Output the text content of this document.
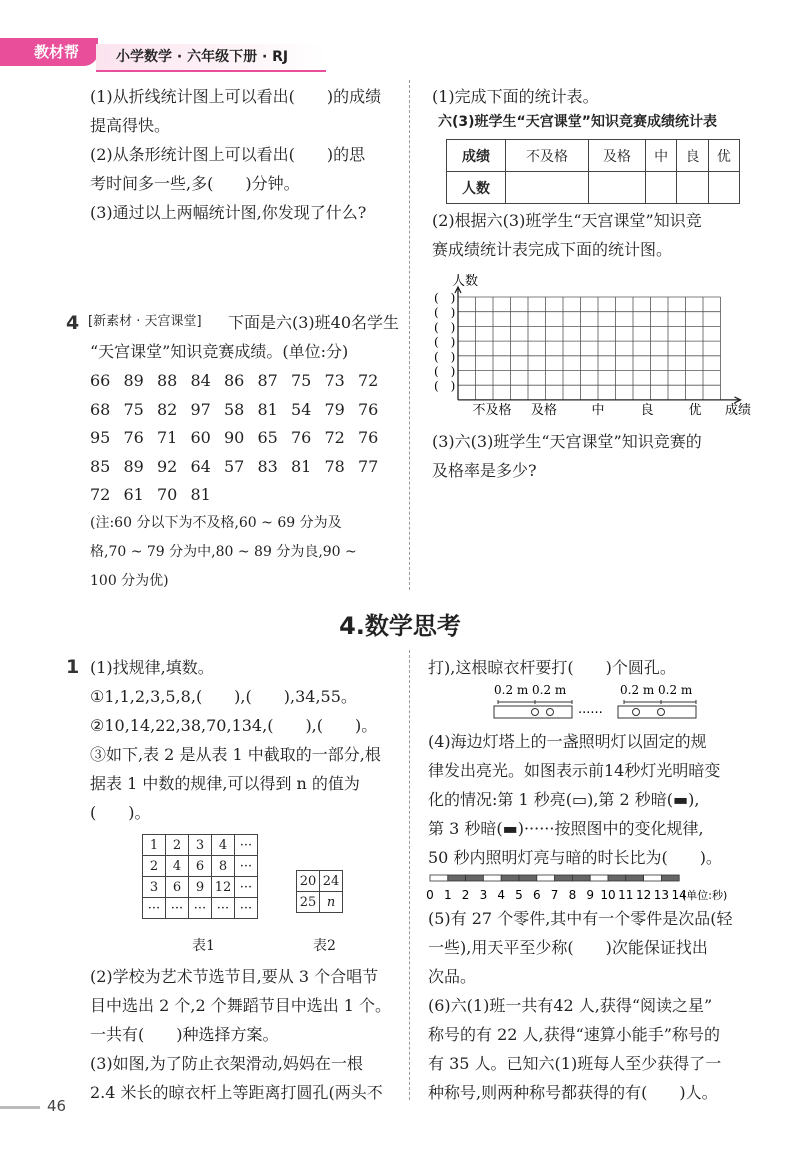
教材帮	小学数学 · 六年级下册 · RJ
(1)从折线统计图上可以看出(　　)的成绩
提高得快。
(2)从条形统计图上可以看出(　　)的思
考时间多一些,多(　　)分钟。
(3)通过以上两幅统计图,你发现了什么?
4 [新素材 · 天宫课堂] 下面是六(3)班40名学生
“天宫课堂”知识竞赛成绩。(单位:分)
66 89 88 84 86 87 75 73 72
68 75 82 97 58 81 54 79 76
95 76 71 60 90 65 76 72 76
85 89 92 64 57 83 81 78 77
72 61 70 81
(注:60 分以下为不及格,60 ~ 69 分为及
格,70 ~ 79 分为中,80 ~ 89 分为良,90 ~
100 分为优)
(1)完成下面的统计表。
六(3)班学生“天宫课堂”知识竞赛成绩统计表
成绩	不及格	及格	中	良	优
人数					
(2)根据六(3)班学生“天宫课堂”知识竞
赛成绩统计表完成下面的统计图。
人数
成绩
不及格 及格	中	良	优
(　)
(　)
(　)
(　)
(　)
(　)
(　)
(3)六(3)班学生“天宫课堂”知识竞赛的
及格率是多少?
4.数学思考
1 (1)找规律,填数。
①1,1,2,3,5,8,(　　),(　　),34,55。
②10,14,22,38,70,134,(　　),(　　)。
③如下,表 2 是从表 1 中截取的一部分,根
据表 1 中数的规律,可以得到 n 的值为
(　　)。
1	2	3	4	···
2	4	6	8	···
3	6	9	12	···
···	···	···	···	···
20	24
25	n
表1	表2
(2)学校为艺术节选节目,要从 3 个合唱节
目中选出 2 个,2 个舞蹈节目中选出 1 个。
一共有(　　)种选择方案。
(3)如图,为了防止衣架滑动,妈妈在一根
2.4 米长的晾衣杆上等距离打圆孔(两头不
打),这根晾衣杆要打(　　)个圆孔。
0.2 m 0.2 m	0.2 m 0.2 m
······
(4)海边灯塔上的一盏照明灯以固定的规
律发出亮光。如图表示前14秒灯光明暗变
化的情况:第 1 秒亮(▭),第 2 秒暗(▬),
第 3 秒暗(▬)······按照图中的变化规律,
50 秒内照明灯亮与暗的时长比为(　　)。
0 1 2 3 4 5 6 7 8 9 10 11 12 13 14
(单位:秒)
(5)有 27 个零件,其中有一个零件是次品(轻
一些),用天平至少称(　　)次能保证找出
次品。
(6)六(1)班一共有42 人,获得“阅读之星”
称号的有 22 人,获得“速算小能手”称号的
有 35 人。已知六(1)班每人至少获得了一
种称号,则两种称号都获得的有(　　)人。
46
